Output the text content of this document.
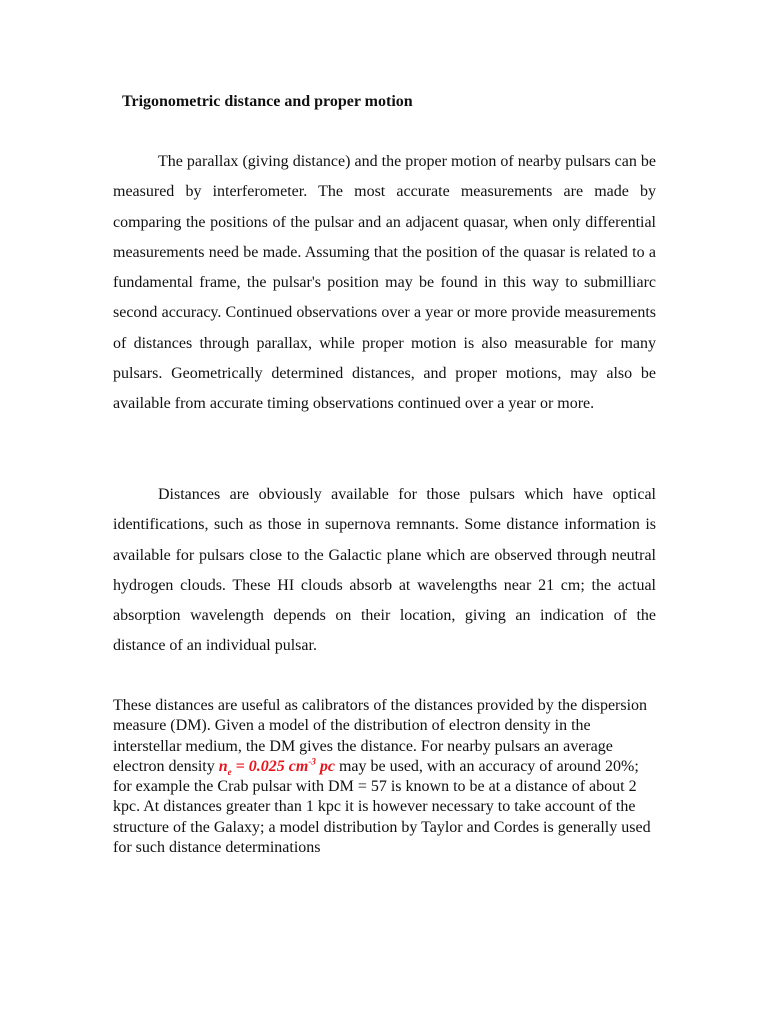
Trigonometric distance and proper motion

The parallax (giving distance) and the proper motion of nearby pulsars can be measured by interferometer. The most accurate measurements are made by comparing the positions of the pulsar and an adjacent quasar, when only differential measurements need be made. Assuming that the position of the quasar is related to a fundamental frame, the pulsar's position may be found in this way to submilliarc second accuracy. Continued observations over a year or more provide measurements of distances through parallax, while proper motion is also measurable for many pulsars. Geometrically determined distances, and proper motions, may also be available from accurate timing observations continued over a year or more.

Distances are obviously available for those pulsars which have optical identifications, such as those in supernova remnants. Some distance information is available for pulsars close to the Galactic plane which are observed through neutral hydrogen clouds. These HI clouds absorb at wavelengths near 21 cm; the actual absorption wavelength depends on their location, giving an indication of the distance of an individual pulsar.

These distances are useful as calibrators of the distances provided by the dispersion measure (DM). Given a model of the distribution of electron density in the interstellar medium, the DM gives the distance. For nearby pulsars an average electron density $n_e = 0.025$ $cm^{-3}$ pc may be used, with an accuracy of around 20%; for example the Crab pulsar with DM = 57 is known to be at a distance of about 2 kpc. At distances greater than 1 kpc it is however necessary to take account of the structure of the Galaxy; a model distribution by Taylor and Cordes is generally used for such distance determinations
